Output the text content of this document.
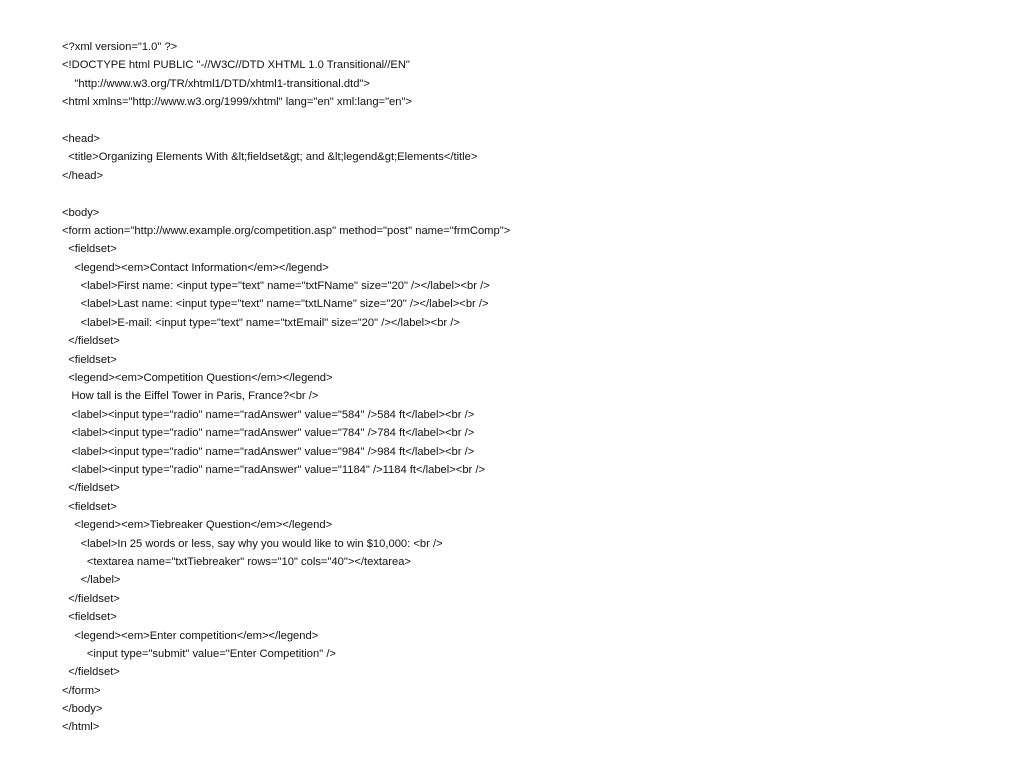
<?xml version="1.0" ?>
<!DOCTYPE html PUBLIC "-//W3C//DTD XHTML 1.0 Transitional//EN"
"http://www.w3.org/TR/xhtml1/DTD/xhtml1-transitional.dtd">
<html xmlns="http://www.w3.org/1999/xhtml" lang="en" xml:lang="en">
<head>
<title>Organizing Elements With &lt;fieldset&gt; and &lt;legend&gt;Elements</title>
</head>
<body>
<form action="http://www.example.org/competition.asp" method="post" name="frmComp">
<fieldset>
<legend><em>Contact Information</em></legend>
<label>First name: <input type="text" name="txtFName" size="20" /></label><br />
<label>Last name: <input type="text" name="txtLName" size="20" /></label><br />
<label>E-mail: <input type="text" name="txtEmail" size="20" /></label><br />
</fieldset>
<fieldset>
<legend><em>Competition Question</em></legend>
How tall is the Eiffel Tower in Paris, France?<br />
<label><input type="radio" name="radAnswer" value="584" />584 ft</label><br />
<label><input type="radio" name="radAnswer" value="784" />784 ft</label><br />
<label><input type="radio" name="radAnswer" value="984" />984 ft</label><br />
<label><input type="radio" name="radAnswer" value="1184" />1184 ft</label><br />
</fieldset>
<fieldset>
<legend><em>Tiebreaker Question</em></legend>
<label>In 25 words or less, say why you would like to win $10,000: <br />
<textarea name="txtTiebreaker" rows="10" cols="40"></textarea>
</label>
</fieldset>
<fieldset>
<legend><em>Enter competition</em></legend>
<input type="submit" value="Enter Competition" />
</fieldset>
</form>
</body>
</html>
